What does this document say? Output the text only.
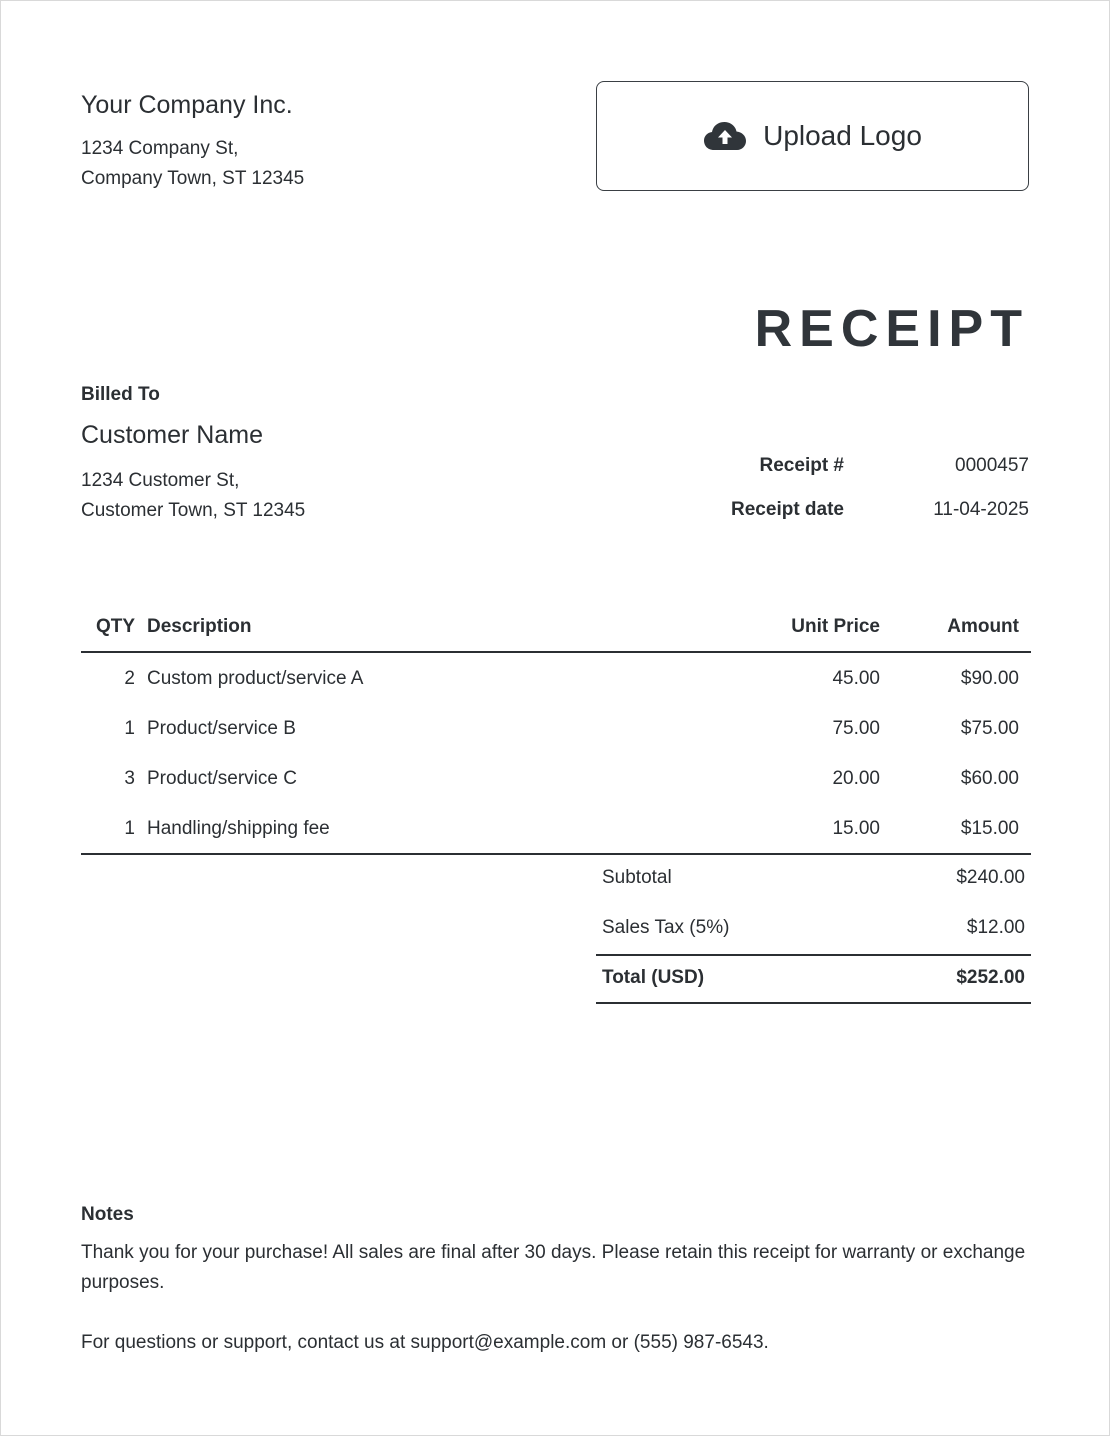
Your Company Inc.
1234 Company St,
Company Town, ST 12345
Upload Logo
RECEIPT
Billed To
Customer Name
1234 Customer St,
Customer Town, ST 12345
Receipt #	0000457
Receipt date	11-04-2025
QTY Description	Unit Price	Amount
2 Custom product/service A	45.00	$90.00
1 Product/service B	75.00	$75.00
3 Product/service C	20.00	$60.00
1 Handling/shipping fee	15.00	$15.00
Subtotal	$240.00
Sales Tax (5%)	$12.00
Total (USD)	$252.00
Notes
Thank you for your purchase! All sales are final after 30 days. Please retain this receipt for warranty or exchange purposes.
For questions or support, contact us at support@example.com or (555) 987-6543.
